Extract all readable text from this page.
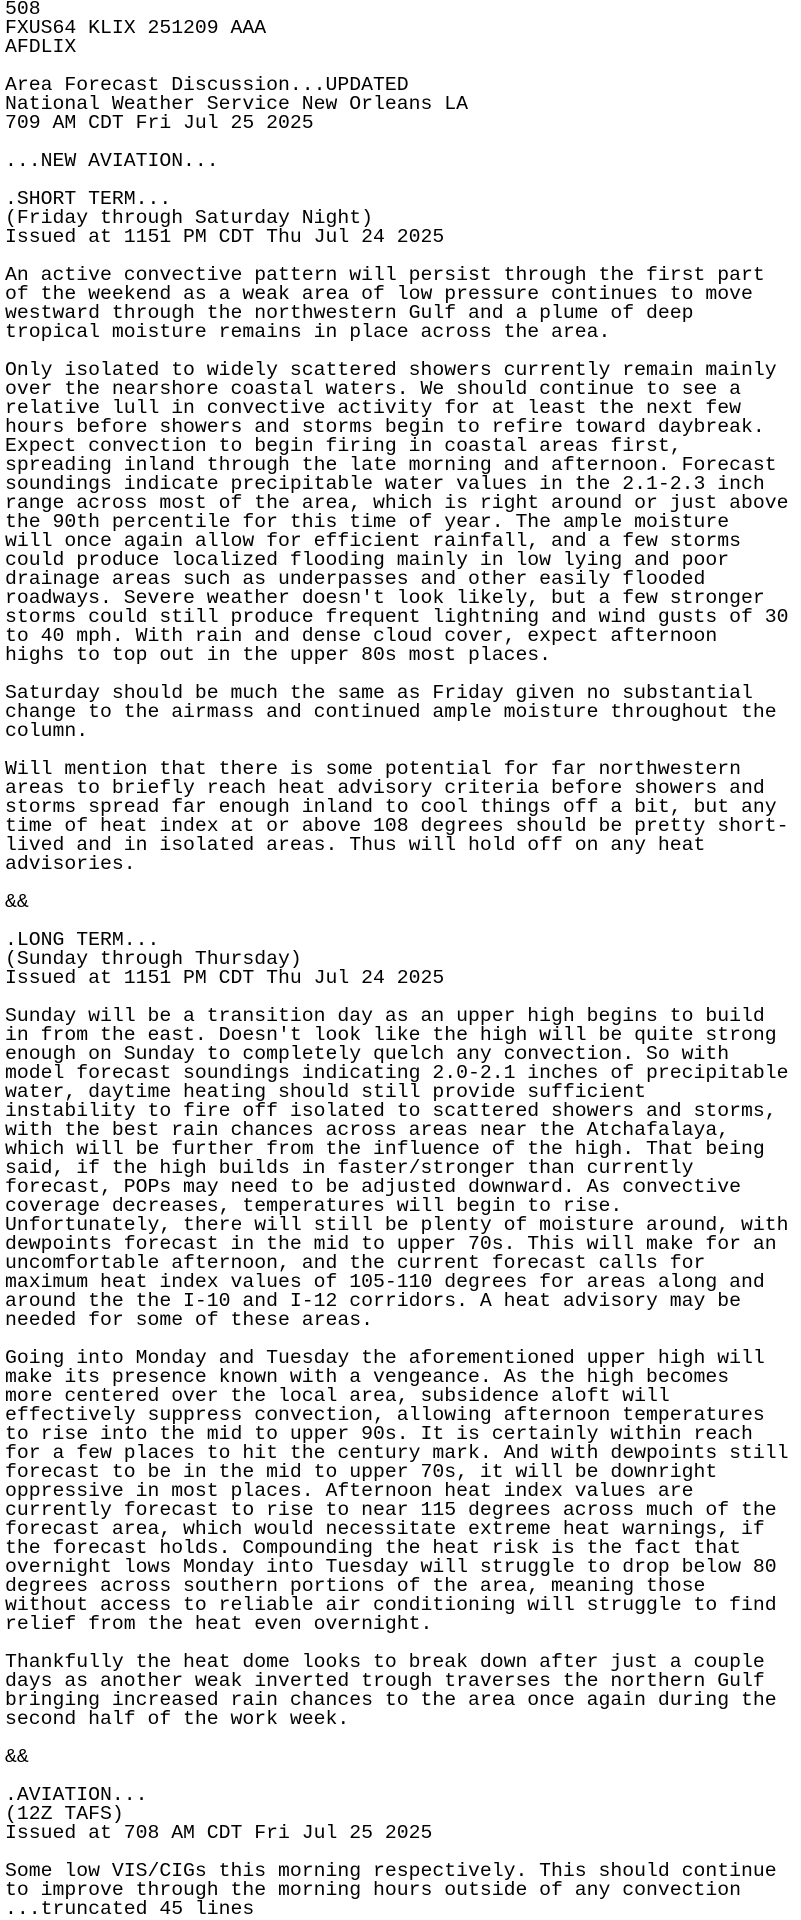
508
FXUS64 KLIX 251209 AAA
AFDLIX
Area Forecast Discussion...UPDATED
National Weather Service New Orleans LA
709 AM CDT Fri Jul 25 2025
...NEW AVIATION...
.SHORT TERM...
(Friday through Saturday Night)
Issued at 1151 PM CDT Thu Jul 24 2025
An active convective pattern will persist through the first part
of the weekend as a weak area of low pressure continues to move
westward through the northwestern Gulf and a plume of deep
tropical moisture remains in place across the area.
Only isolated to widely scattered showers currently remain mainly
over the nearshore coastal waters. We should continue to see a
relative lull in convective activity for at least the next few
hours before showers and storms begin to refire toward daybreak.
Expect convection to begin firing in coastal areas first,
spreading inland through the late morning and afternoon. Forecast
soundings indicate precipitable water values in the 2.1-2.3 inch
range across most of the area, which is right around or just above
the 90th percentile for this time of year. The ample moisture
will once again allow for efficient rainfall, and a few storms
could produce localized flooding mainly in low lying and poor
drainage areas such as underpasses and other easily flooded
roadways. Severe weather doesn't look likely, but a few stronger
storms could still produce frequent lightning and wind gusts of 30
to 40 mph. With rain and dense cloud cover, expect afternoon
highs to top out in the upper 80s most places.
Saturday should be much the same as Friday given no substantial
change to the airmass and continued ample moisture throughout the
column.
Will mention that there is some potential for far northwestern
areas to briefly reach heat advisory criteria before showers and
storms spread far enough inland to cool things off a bit, but any
time of heat index at or above 108 degrees should be pretty short-
lived and in isolated areas. Thus will hold off on any heat
advisories.
&&
.LONG TERM...
(Sunday through Thursday)
Issued at 1151 PM CDT Thu Jul 24 2025
Sunday will be a transition day as an upper high begins to build
in from the east. Doesn't look like the high will be quite strong
enough on Sunday to completely quelch any convection. So with
model forecast soundings indicating 2.0-2.1 inches of precipitable
water, daytime heating should still provide sufficient
instability to fire off isolated to scattered showers and storms,
with the best rain chances across areas near the Atchafalaya,
which will be further from the influence of the high. That being
said, if the high builds in faster/stronger than currently
forecast, POPs may need to be adjusted downward. As convective
coverage decreases, temperatures will begin to rise.
Unfortunately, there will still be plenty of moisture around, with
dewpoints forecast in the mid to upper 70s. This will make for an
uncomfortable afternoon, and the current forecast calls for
maximum heat index values of 105-110 degrees for areas along and
around the the I-10 and I-12 corridors. A heat advisory may be
needed for some of these areas.
Going into Monday and Tuesday the aforementioned upper high will
make its presence known with a vengeance. As the high becomes
more centered over the local area, subsidence aloft will
effectively suppress convection, allowing afternoon temperatures
to rise into the mid to upper 90s. It is certainly within reach
for a few places to hit the century mark. And with dewpoints still
forecast to be in the mid to upper 70s, it will be downright
oppressive in most places. Afternoon heat index values are
currently forecast to rise to near 115 degrees across much of the
forecast area, which would necessitate extreme heat warnings, if
the forecast holds. Compounding the heat risk is the fact that
overnight lows Monday into Tuesday will struggle to drop below 80
degrees across southern portions of the area, meaning those
without access to reliable air conditioning will struggle to find
relief from the heat even overnight.
Thankfully the heat dome looks to break down after just a couple
days as another weak inverted trough traverses the northern Gulf
bringing increased rain chances to the area once again during the
second half of the work week.
&&
.AVIATION...
(12Z TAFS)
Issued at 708 AM CDT Fri Jul 25 2025
Some low VIS/CIGs this morning respectively. This should continue
to improve through the morning hours outside of any convection
...truncated 45 lines
